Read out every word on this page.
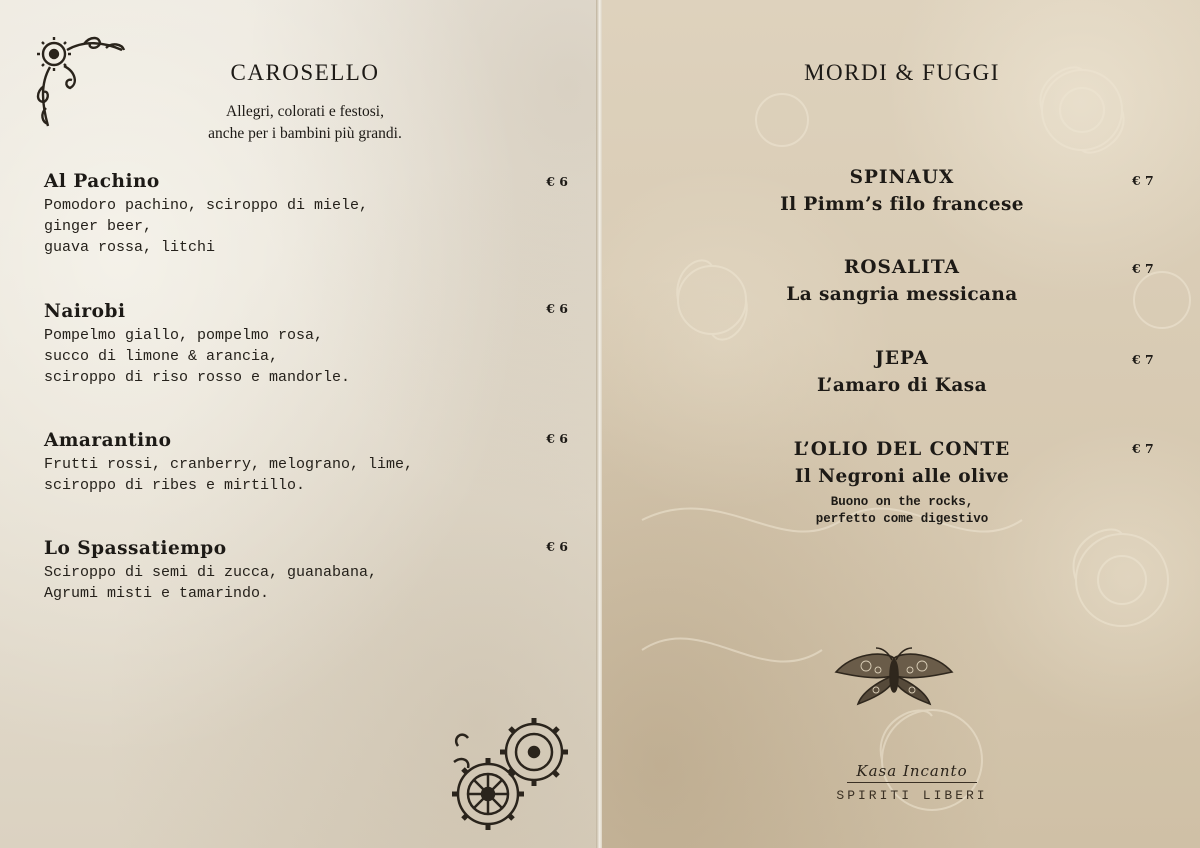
CAROSELLO

Allegri, colorati e festosi,
anche per i bambini più grandi.

Al Pachino
Pomodoro pachino, sciroppo di miele,
ginger beer,
guava rossa, litchi
€ 6
Nairobi
Pompelmo giallo, pompelmo rosa,
succo di limone & arancia,
sciroppo di riso rosso e mandorle.
€ 6
Amarantino
Frutti rossi, cranberry, melograno, lime,
sciroppo di ribes e mirtillo.
€ 6
Lo Spassatiempo
Sciroppo di semi di zucca, guanabana,
Agrumi misti e tamarindo.
€ 6
MORDI & FUGGI
SPINAUX
Il Pimm’s filo francese
€ 7
ROSALITA
La sangria messicana
€ 7
JEPA
L’amaro di Kasa
€ 7
L’OLIO DEL CONTE
Il Negroni alle olive
Buono on the rocks,
perfetto come digestivo
€ 7
Kasa Incanto
SPIRITI LIBERI
